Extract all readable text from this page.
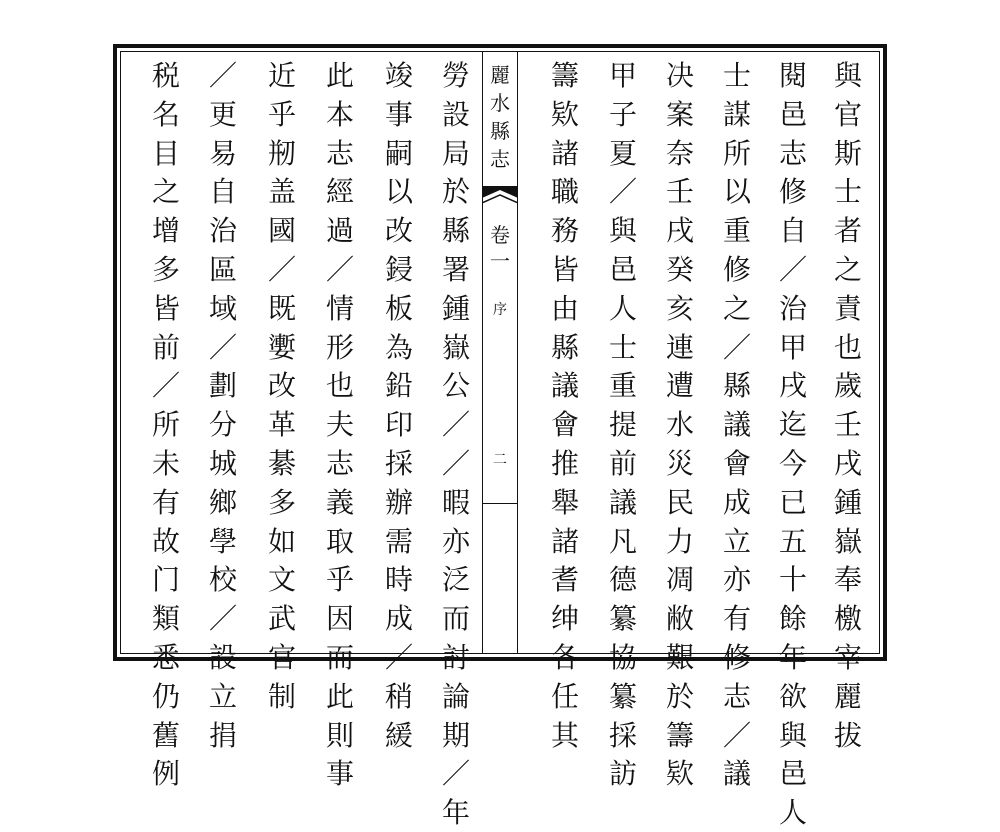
與
官
斯
士
者
之
責
也
歲
壬
戌
鍾
嶽
奉
檄
宰
麗
拔
閱
邑
志
修
自
／
治
甲
戌
迄
今
已
五
十
餘
年
欲
與
邑
人
士
謀
所
以
重
修
之
／
縣
議
會
成
立
亦
有
修
志
／
議
决
案
奈
壬
戌
癸
亥
連
遭
水
災
民
力
凋
敝
艱
於
籌
欵
甲
子
夏
／
與
邑
人
士
重
提
前
議
凡
德
纂
協
纂
採
訪
籌
欵
諸
職
務
皆
由
縣
議
會
推
舉
諸
耆
绅
各
任
其
勞
設
局
於
縣
署
鍾
嶽
公
／
／
暇
亦
泛
而
討
論
期
／
年
竣
事
嗣
以
改
鋟
板
為
鉛
印
採
辦
需
時
成
／
稍
緩
此
本
志
經
過
／
情
形
也
夫
志
義
取
乎
因
而
此
則
事
近
乎
剏
盖
國
／
既
嬱
改
革
綦
多
如
文
武
官
制
／
更
易
自
治
區
域
／
劃
分
城
鄉
學
校
／
設
立
捐
税
名
目
之
增
多
皆
前
／
所
未
有
故
门
類
悉
仍
舊
例
麗
水
縣
志
卷
一
序
二
